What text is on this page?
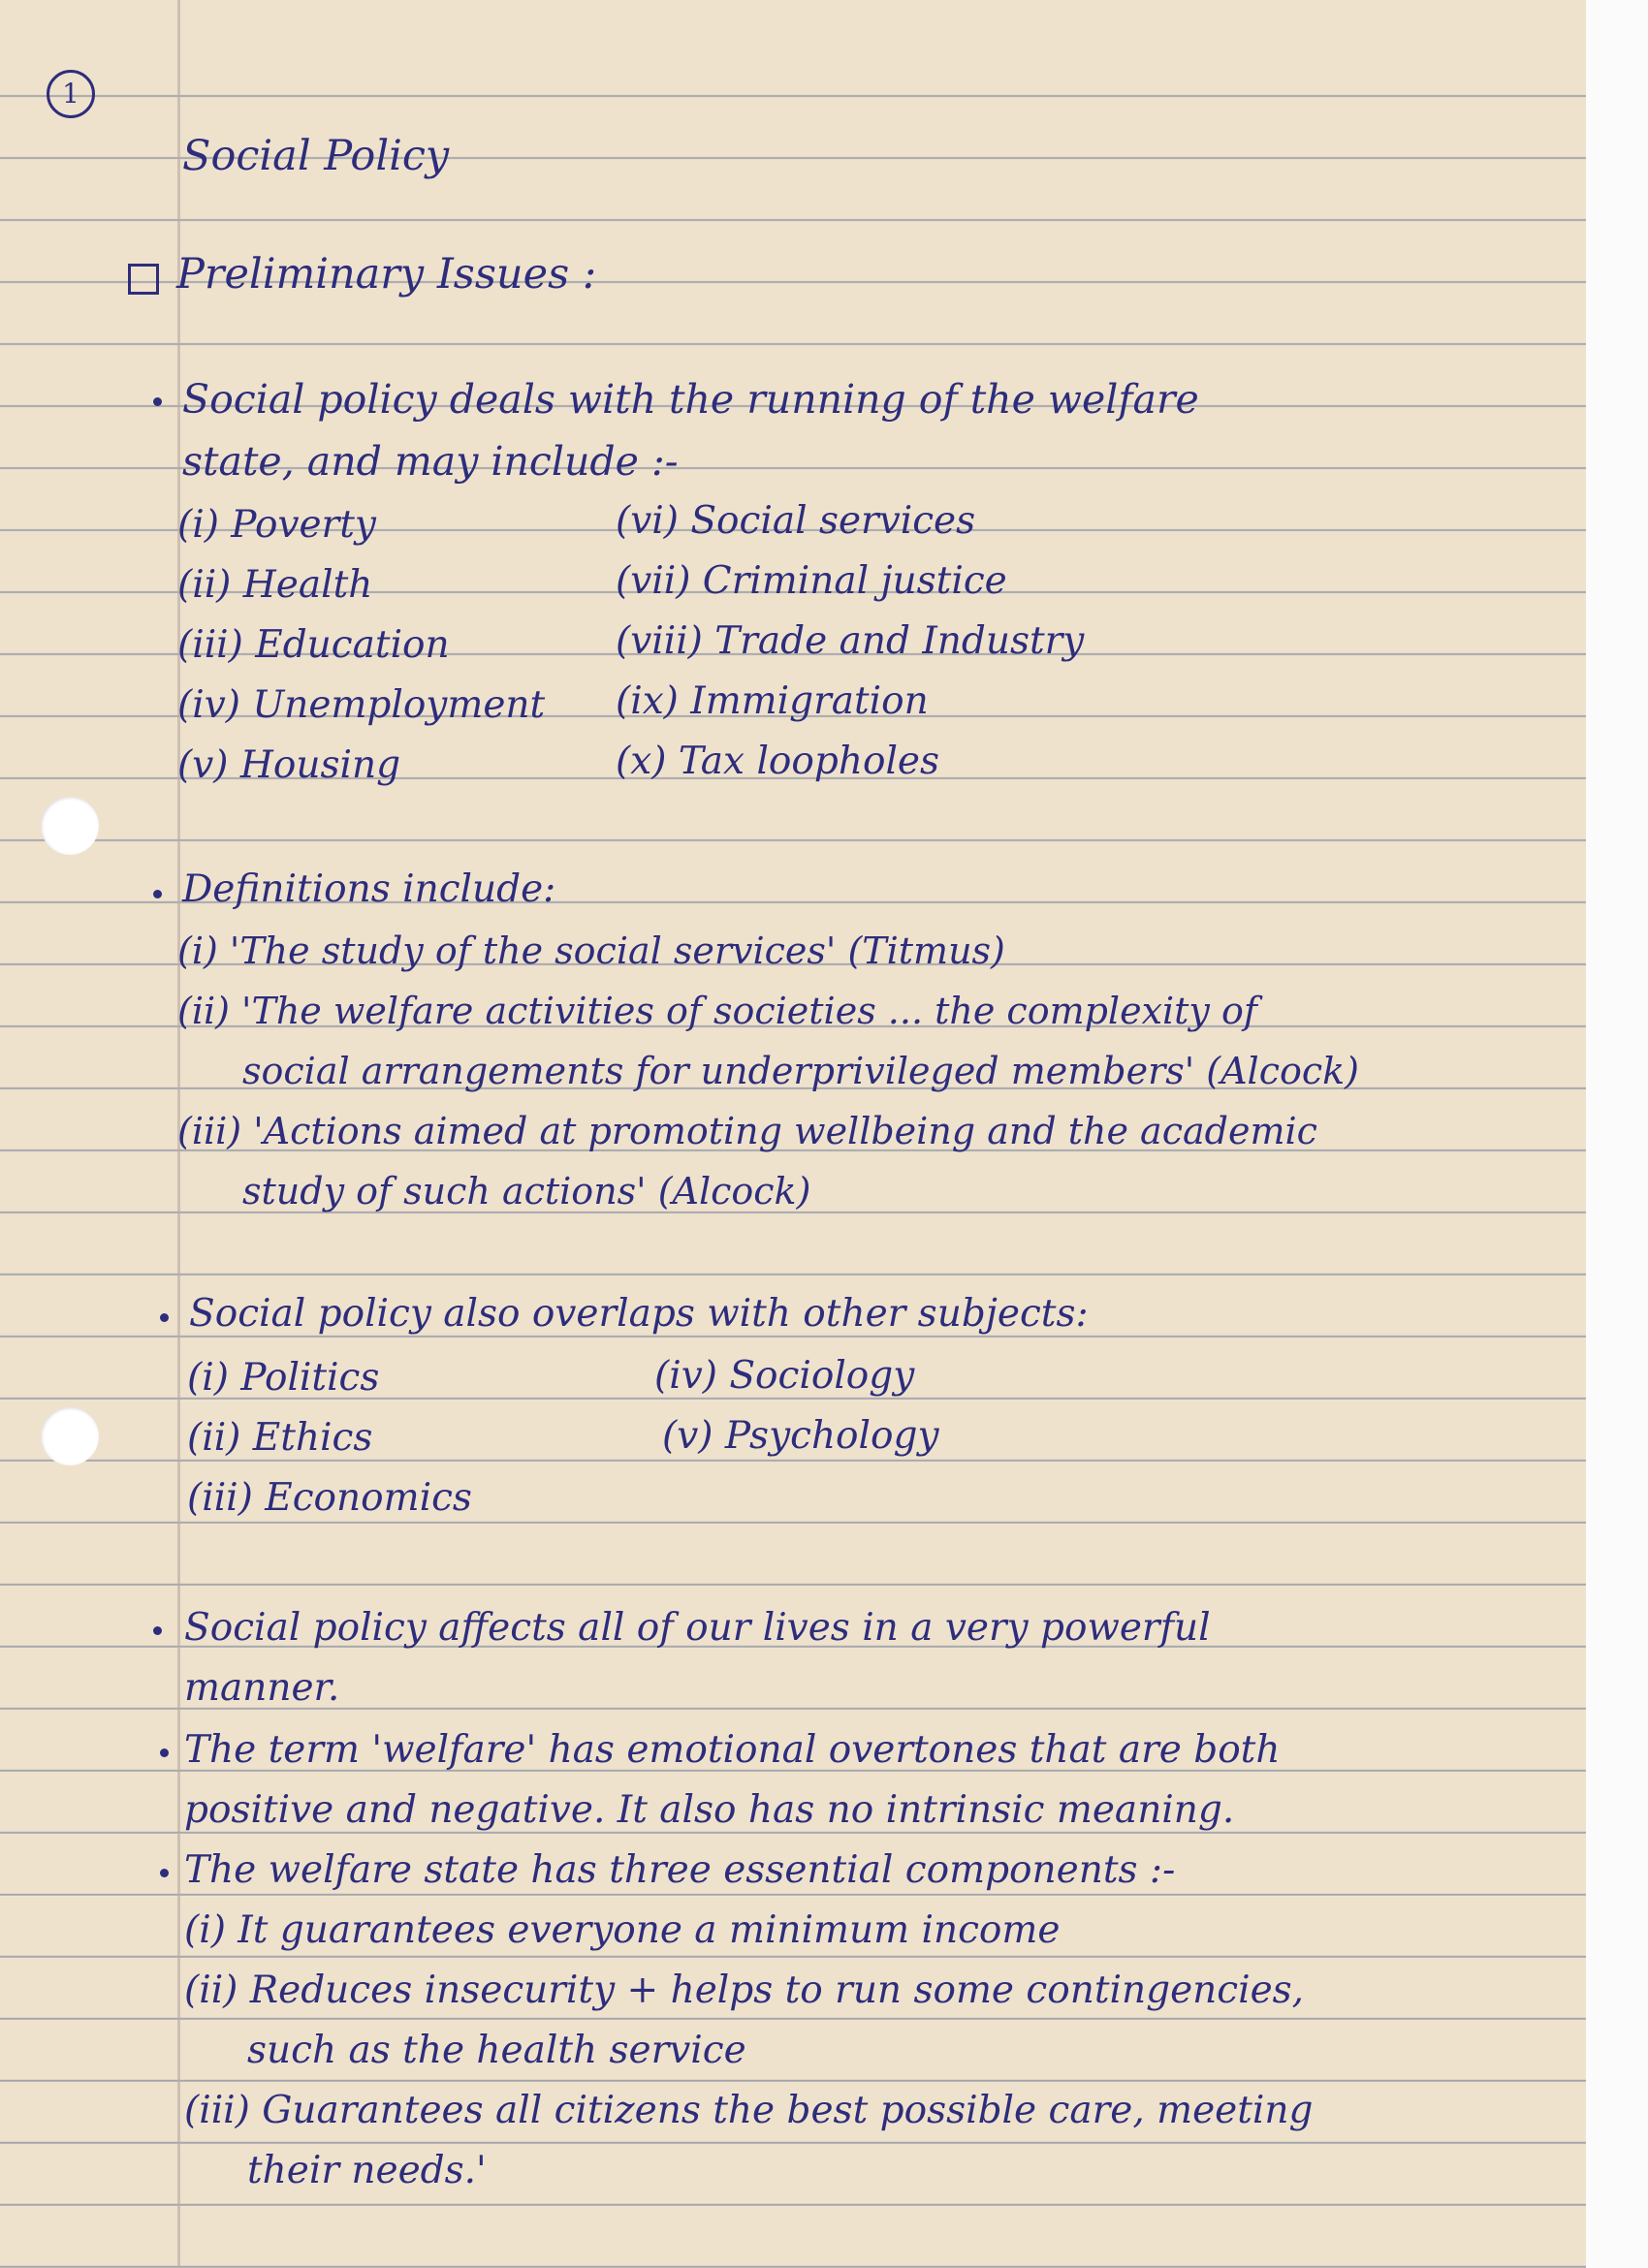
1
Social Policy
Preliminary Issues :
Social policy deals with the running of the welfare
state, and may include :-
(i) Poverty
(ii) Health
(iii) Education
(iv) Unemployment
(v) Housing
(vi) Social services
(vii) Criminal justice
(viii) Trade and Industry
(ix) Immigration
(x) Tax loopholes
Definitions include:
(i) 'The study of the social services' (Titmus)
(ii) 'The welfare activities of societies ... the complexity of
social arrangements for underprivileged members' (Alcock)
(iii) 'Actions aimed at promoting wellbeing and the academic
study of such actions' (Alcock)
Social policy also overlaps with other subjects:
(i) Politics
(ii) Ethics
(iii) Economics
(iv) Sociology
(v) Psychology
Social policy affects all of our lives in a very powerful
manner.
The term 'welfare' has emotional overtones that are both
positive and negative. It also has no intrinsic meaning.
The welfare state has three essential components :-
(i) It guarantees everyone a minimum income
(ii) Reduces insecurity + helps to run some contingencies,
such as the health service
(iii) Guarantees all citizens the best possible care, meeting
their needs.'
